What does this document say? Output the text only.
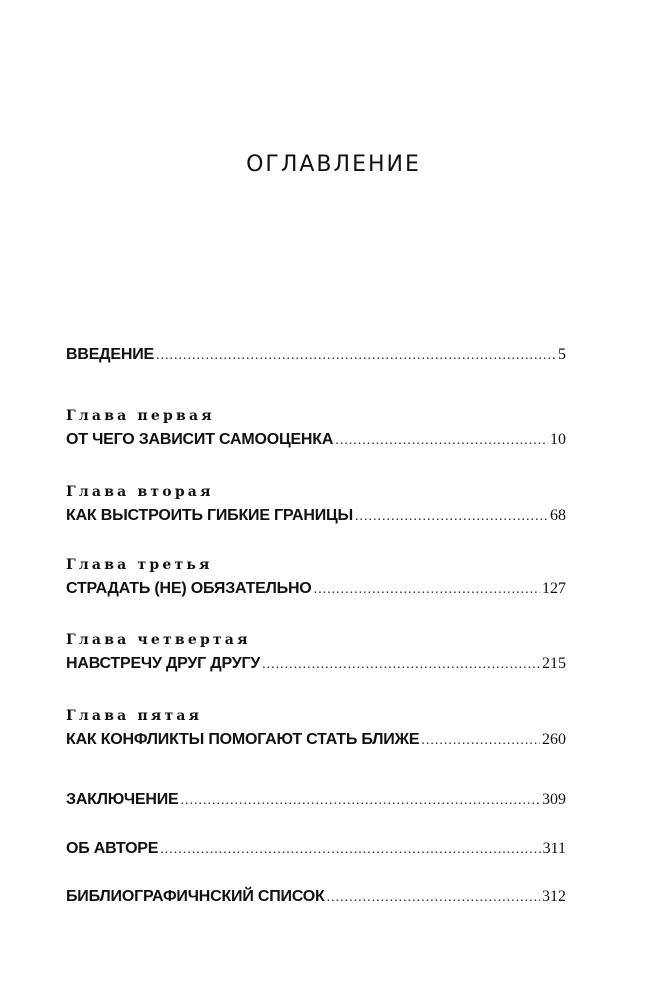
ОГЛАВЛЕНИЕ
ВВЕДЕНИЕ .....	5
Глава первая
ОТ ЧЕГО ЗАВИСИТ САМООЦЕНКА .....	10
Глава вторая
КАК ВЫСТРОИТЬ ГИБКИЕ ГРАНИЦЫ .....	68
Глава третья
СТРАДАТЬ (НЕ) ОБЯЗАТЕЛЬНО .....	127
Глава четвертая
НАВСТРЕЧУ ДРУГ ДРУГУ .....	215
Глава пятая
КАК КОНФЛИКТЫ ПОМОГАЮТ СТАТЬ БЛИЖЕ .....	260
ЗАКЛЮЧЕНИЕ .....	309
ОБ АВТОРЕ .....	311
БИБЛИОГРАФИЧНСКИЙ СПИСОК .....	312
